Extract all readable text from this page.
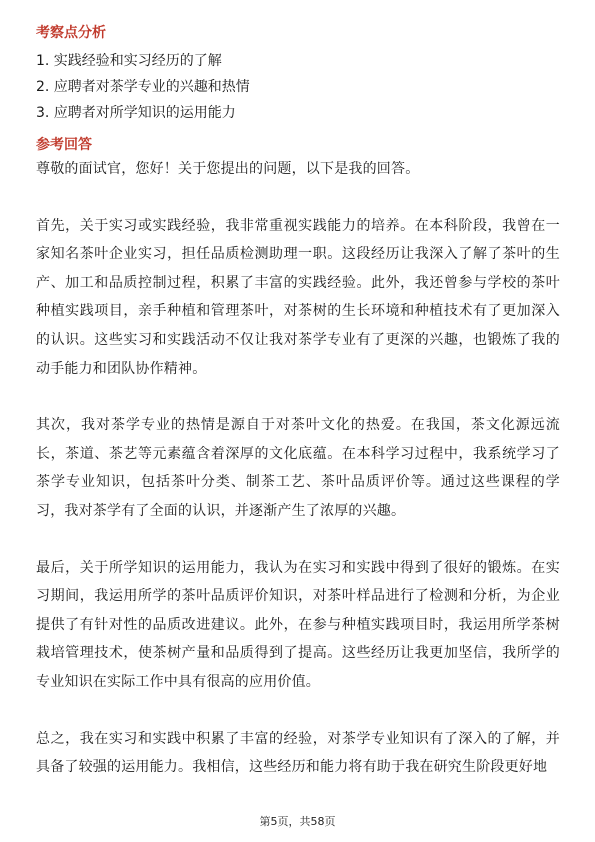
考察点分析

1. 实践经验和实习经历的了解

2. 应聘者对茶学专业的兴趣和热情

3. 应聘者对所学知识的运用能力

参考回答

尊敬的面试官，您好！关于您提出的问题，以下是我的回答。

首先，关于实习或实践经验，我非常重视实践能力的培养。在本科阶段，我曾在一家知名茶叶企业实习，担任品质检测助理一职。这段经历让我深入了解了茶叶的生产、加工和品质控制过程，积累了丰富的实践经验。此外，我还曾参与学校的茶叶种植实践项目，亲手种植和管理茶叶，对茶树的生长环境和种植技术有了更加深入的认识。这些实习和实践活动不仅让我对茶学专业有了更深的兴趣，也锻炼了我的动手能力和团队协作精神。

其次，我对茶学专业的热情是源自于对茶叶文化的热爱。在我国，茶文化源远流长，茶道、茶艺等元素蕴含着深厚的文化底蕴。在本科学习过程中，我系统学习了茶学专业知识，包括茶叶分类、制茶工艺、茶叶品质评价等。通过这些课程的学习，我对茶学有了全面的认识，并逐渐产生了浓厚的兴趣。

最后，关于所学知识的运用能力，我认为在实习和实践中得到了很好的锻炼。在实习期间，我运用所学的茶叶品质评价知识，对茶叶样品进行了检测和分析，为企业提供了有针对性的品质改进建议。此外，在参与种植实践项目时，我运用所学茶树栽培管理技术，使茶树产量和品质得到了提高。这些经历让我更加坚信，我所学的专业知识在实际工作中具有很高的应用价值。

总之，我在实习和实践中积累了丰富的经验，对茶学专业知识有了深入的了解，并具备了较强的运用能力。我相信，这些经历和能力将有助于我在研究生阶段更好地

第5页，共58页
